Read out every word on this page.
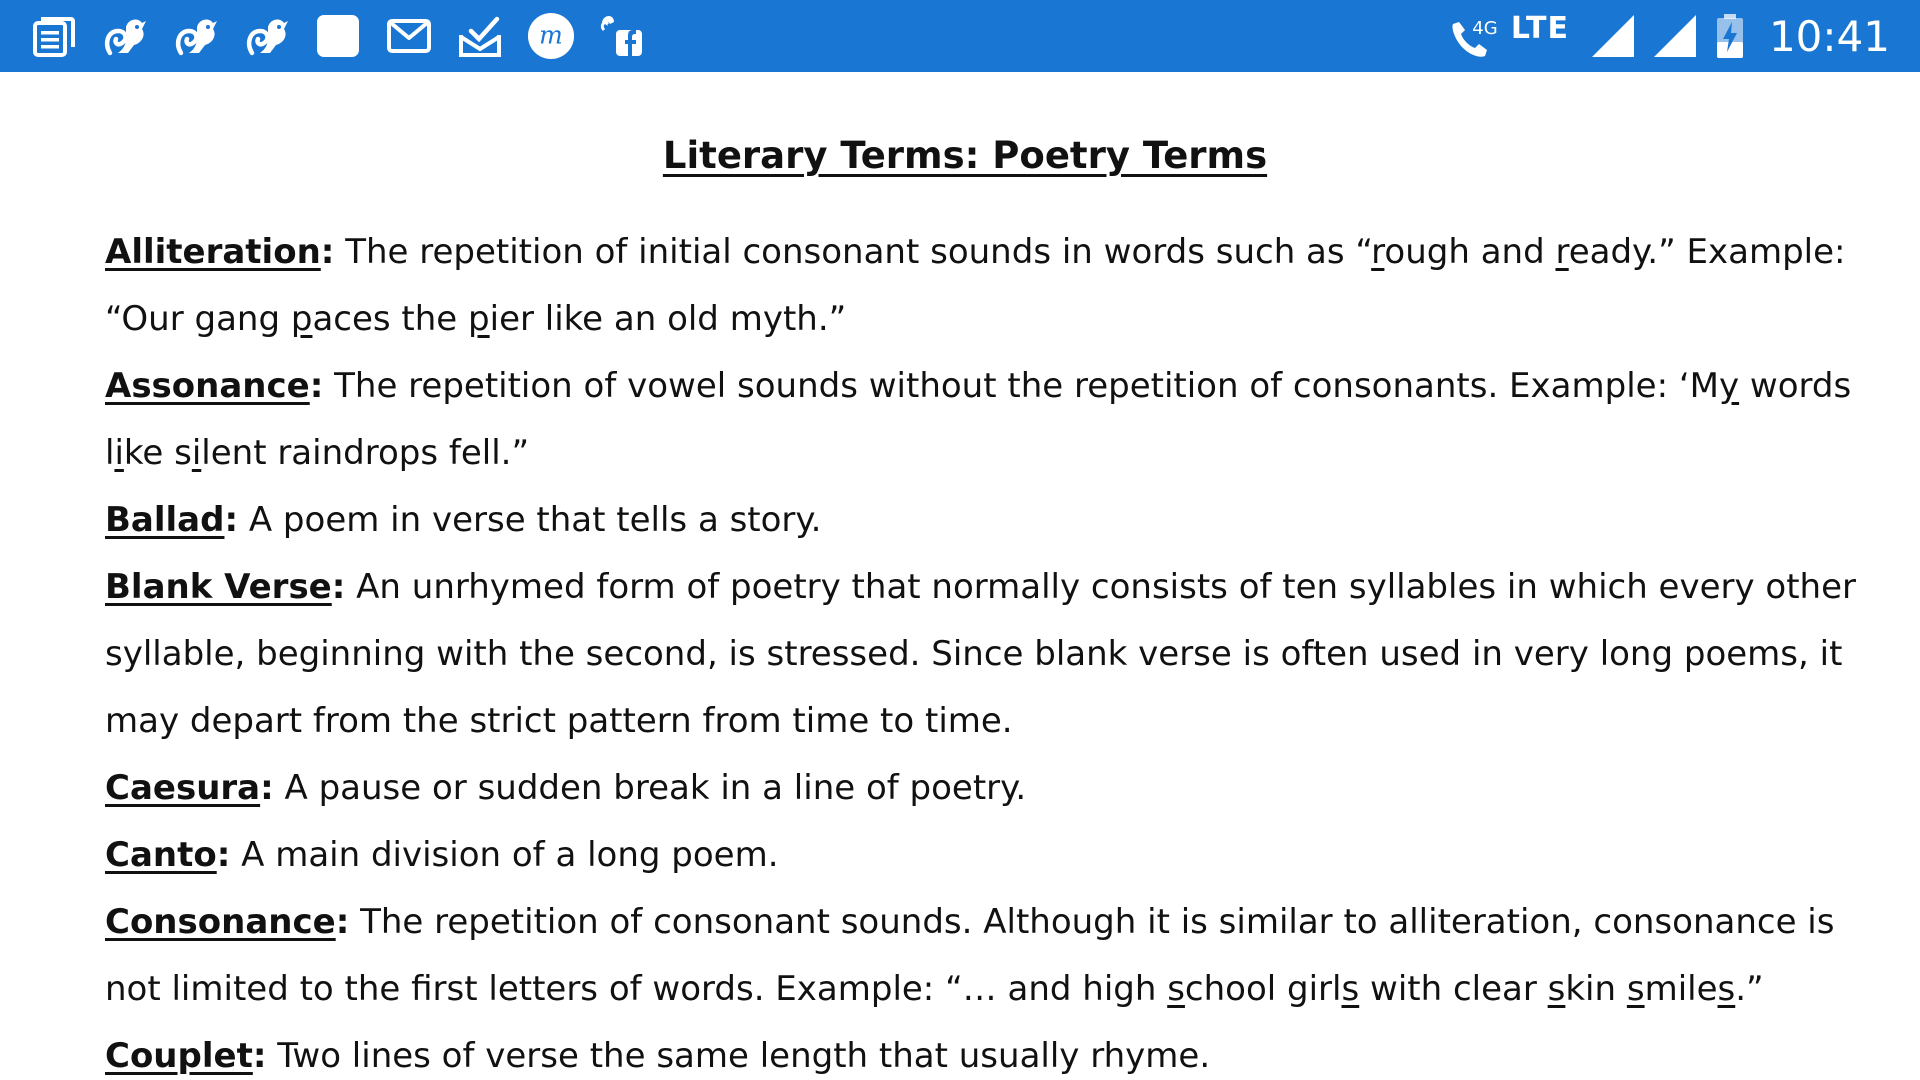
m	4G LTE	10:41
Literary Terms: Poetry Terms

Alliteration: The repetition of initial consonant sounds in words such as “rough and ready.” Example:

“Our gang paces the pier like an old myth.”

Assonance: The repetition of vowel sounds without the repetition of consonants. Example: ‘My words

like silent raindrops fell.”

Ballad: A poem in verse that tells a story.

Blank Verse: An unrhymed form of poetry that normally consists of ten syllables in which every other

syllable, beginning with the second, is stressed. Since blank verse is often used in very long poems, it

may depart from the strict pattern from time to time.

Caesura: A pause or sudden break in a line of poetry.

Canto: A main division of a long poem.

Consonance: The repetition of consonant sounds. Although it is similar to alliteration, consonance is

not limited to the first letters of words. Example: “… and high school girls with clear skin smiles.”

Couplet: Two lines of verse the same length that usually rhyme.
